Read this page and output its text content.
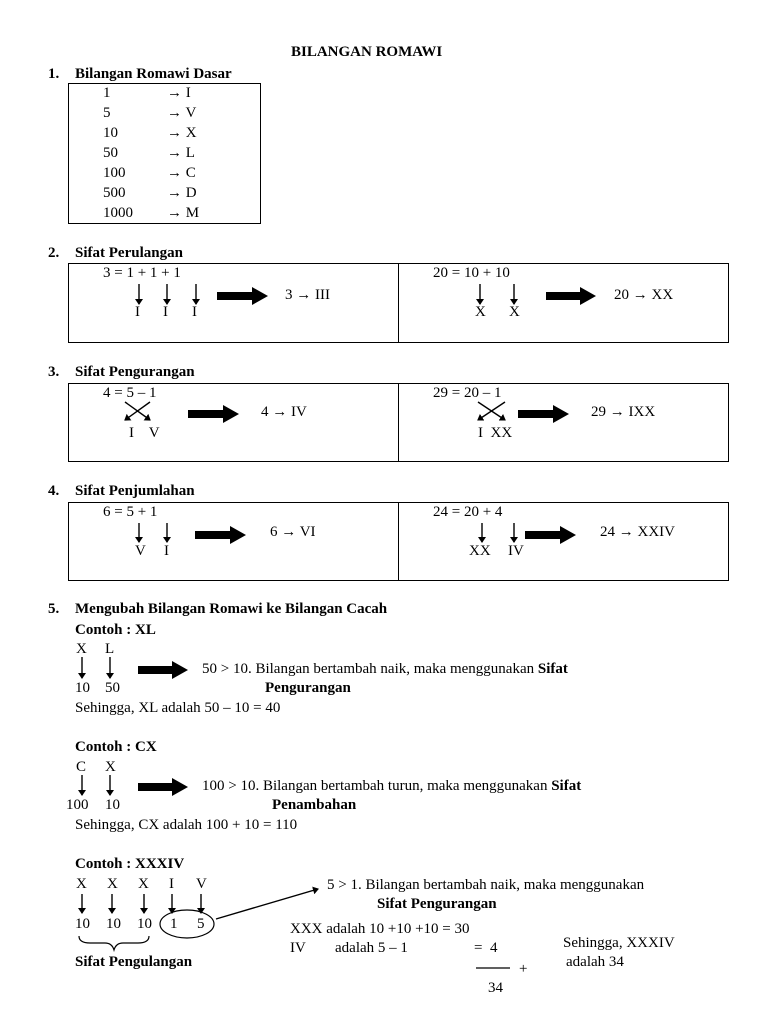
BILANGAN ROMAWI
1. Bilangan Romawi Dasar
1	→ I
5	→ V
10	→ X
50	→ L
100	→ C
500	→ D
1000 → M
2. Sifat Perulangan
3 = 1 + 1 + 1
I I I
3 → III
20 = 10 + 10
X X
20 → XX
3. Sifat Pengurangan
4 = 5 – 1
I    V
4 → IV
29 = 20 – 1
I  XX
29 → IXX
4. Sifat Penjumlahan
6 = 5 + 1
V I
6 → VI
24 = 20 + 4
XX IV
24 → XXIV
5. Mengubah Bilangan Romawi ke Bilangan Cacah
Contoh : XL
X L
10 50
50 > 10. Bilangan bertambah naik, maka menggunakan Sifat
Pengurangan
Sehingga, XL adalah 50 – 10 = 40
Contoh : CX
C X
100 10
100 > 10. Bilangan bertambah turun, maka menggunakan Sifat
Penambahan
Sehingga, CX adalah 100 + 10 = 110
Contoh : XXXIV
X X X I V
10 10 10 1 5
Sifat Pengulangan
5 > 1. Bilangan bertambah naik, maka menggunakan
Sifat Pengurangan
XXX adalah 10 +10 +10 = 30
IV adalah 5 – 1	=  4
+
34
Sehingga, XXXIV
adalah 34
